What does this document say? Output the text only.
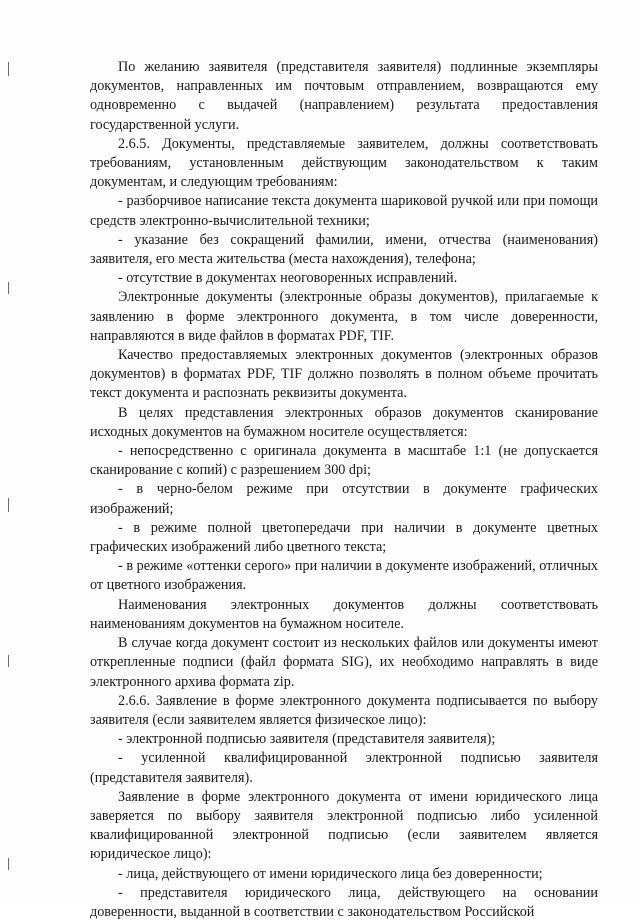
По желанию заявителя (представителя заявителя) подлинные экземпляры документов, направленных им почтовым отправлением, возвращаются ему одновременно с выдачей (направлением) результата предоставления государственной услуги.

2.6.5. Документы, представляемые заявителем, должны соответствовать требованиям, установленным действующим законодательством к таким документам, и следующим требованиям:

- разборчивое написание текста документа шариковой ручкой или при помощи средств электронно-вычислительной техники;

- указание без сокращений фамилии, имени, отчества (наименования) заявителя, его места жительства (места нахождения), телефона;

- отсутствие в документах неоговоренных исправлений.

Электронные документы (электронные образы документов), прилагаемые к заявлению в форме электронного документа, в том числе доверенности, направляются в виде файлов в форматах PDF, TIF.

Качество предоставляемых электронных документов (электронных образов документов) в форматах PDF, TIF должно позволять в полном объеме прочитать текст документа и распознать реквизиты документа.

В целях представления электронных образов документов сканирование исходных документов на бумажном носителе осуществляется:

- непосредственно с оригинала документа в масштабе 1:1 (не допускается сканирование с копий) с разрешением 300 dpi;

- в черно-белом режиме при отсутствии в документе графических изображений;

- в режиме полной цветопередачи при наличии в документе цветных графических изображений либо цветного текста;

- в режиме «оттенки серого» при наличии в документе изображений, отличных от цветного изображения.

Наименования электронных документов должны соответствовать наименованиям документов на бумажном носителе.

В случае когда документ состоит из нескольких файлов или документы имеют открепленные подписи (файл формата SIG), их необходимо направлять в виде электронного архива формата zip.

2.6.6. Заявление в форме электронного документа подписывается по выбору заявителя (если заявителем является физическое лицо):

- электронной подписью заявителя (представителя заявителя);

- усиленной квалифицированной электронной подписью заявителя (представителя заявителя).

Заявление в форме электронного документа от имени юридического лица заверяется по выбору заявителя электронной подписью либо усиленной квалифицированной электронной подписью (если заявителем является юридическое лицо):

- лица, действующего от имени юридического лица без доверенности;

- представителя юридического лица, действующего на основании доверенности, выданной в соответствии с законодательством Российской
